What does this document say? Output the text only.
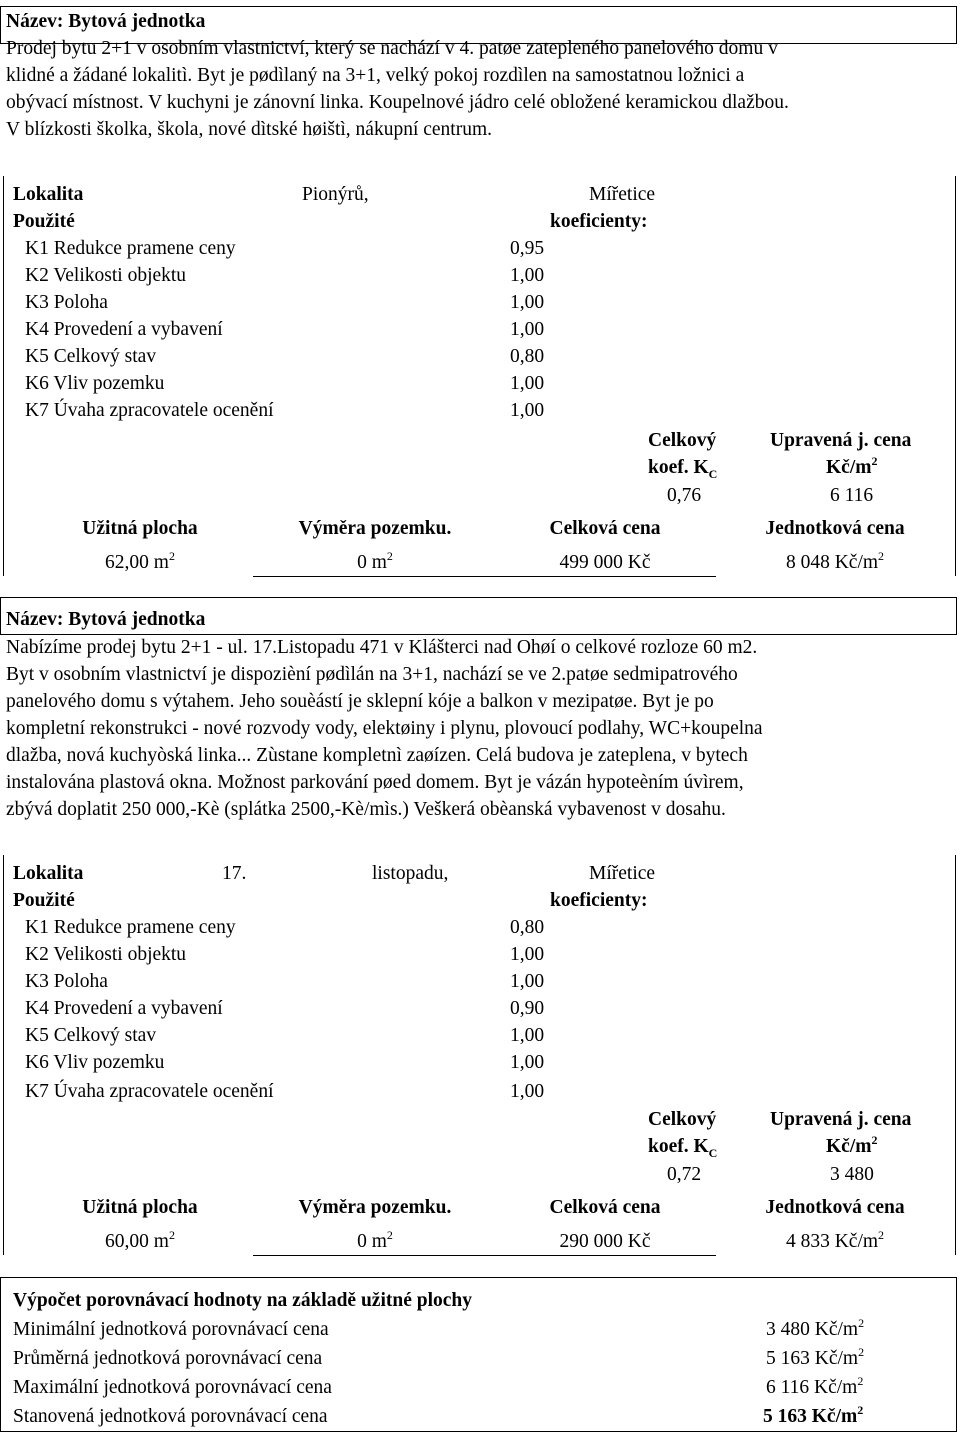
Název: Bytová jednotka
Prodej bytu 2+1 v osobním vlastnictví, který se nachází v 4. patøe zatepleného panelového domu v
klidné a žádané lokalitì. Byt je pødìlaný na 3+1, velký pokoj rozdìlen na samostatnou ložnici a
obývací místnost. V kuchyni je zánovní linka. Koupelnové jádro celé obložené keramickou dlažbou.
V blízkosti školka, škola, nové dìtské høištì, nákupní centrum.
Lokalita	Pionýrů,	Mířetice
Použité	koeficienty:
K1 Redukce pramene ceny	0,95
K2 Velikosti objektu	1,00
K3 Poloha	1,00
K4 Provedení a vybavení	1,00
K5 Celkový stav	0,80
K6 Vliv pozemku	1,00
K7 Úvaha zpracovatele ocenění	1,00
Celkový	Upravená j. cena
koef. $K_C$	$Kč/m^2$
0,76	6 116
Užitná plocha	Výměra pozemku.	Celková cena	Jednotková cena
62,00 $m^2$	0 $m^2$	499 000 Kč	8 048 $Kč/m^2$
Název: Bytová jednotka
Nabízíme prodej bytu 2+1 - ul. 17.Listopadu 471 v Klášterci nad Ohøí o celkové rozloze 60 m2.
Byt v osobním vlastnictví je dispozièní pødìlán na 3+1, nachází se ve 2.patøe sedmipatrového
panelového domu s výtahem. Jeho souèástí je sklepní kóje a balkon v mezipatøe. Byt je po
kompletní rekonstrukci - nové rozvody vody, elektøiny i plynu, plovoucí podlahy, WC+koupelna
dlažba, nová kuchyòská linka... Zùstane kompletnì zaøízen. Celá budova je zateplena, v bytech
instalována plastová okna. Možnost parkování pøed domem. Byt je vázán hypoteèním úvìrem,
zbývá doplatit 250 000,-Kè (splátka 2500,-Kè/mìs.) Veškerá obèanská vybavenost v dosahu.
Lokalita	17.	listopadu,	Mířetice
Použité	koeficienty:
K1 Redukce pramene ceny	0,80
K2 Velikosti objektu	1,00
K3 Poloha	1,00
K4 Provedení a vybavení	0,90
K5 Celkový stav	1,00
K6 Vliv pozemku	1,00
K7 Úvaha zpracovatele ocenění	1,00
Celkový	Upravená j. cena
koef. $K_C$	$Kč/m^2$
0,72	3 480
Užitná plocha	Výměra pozemku.	Celková cena	Jednotková cena
60,00 $m^2$	0 $m^2$	290 000 Kč	4 833 $Kč/m^2$
Výpočet porovnávací hodnoty na základě užitné plochy
Minimální jednotková porovnávací cena	3 480 $Kč/m^2$
Průměrná jednotková porovnávací cena	5 163 $Kč/m^2$
Maximální jednotková porovnávací cena	6 116 $Kč/m^2$
Stanovená jednotková porovnávací cena	5 163 $Kč/m^2$
